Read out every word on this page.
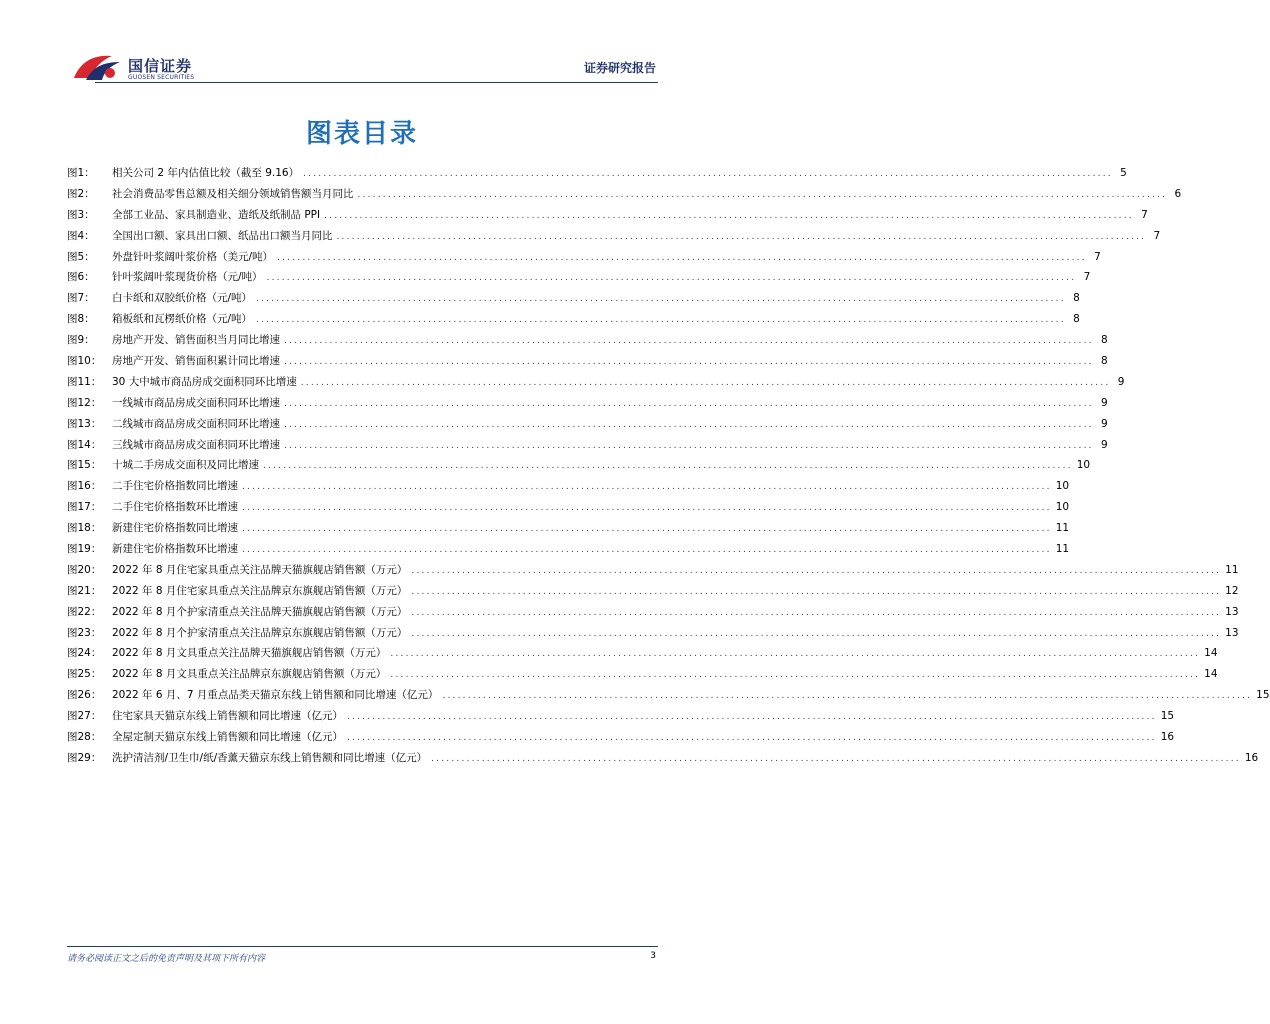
国信证券
GUOSEN SECURITIES
证券研究报告
图表目录
图1：	相关公司 2 年内估值比较（截至 9.16） ................................................................................................................................................................ 5
图2：	社会消费品零售总额及相关细分领域销售额当月同比 ................................................................................................................................................................ 6
图3：	全部工业品、家具制造业、造纸及纸制品 PPI ................................................................................................................................................................ 7
图4：	全国出口额、家具出口额、纸品出口额当月同比 ................................................................................................................................................................ 7
图5：	外盘针叶浆阔叶浆价格（美元/吨） ................................................................................................................................................................ 7
图6：	针叶浆阔叶浆现货价格（元/吨） ................................................................................................................................................................ 7
图7：	白卡纸和双胶纸价格（元/吨） ................................................................................................................................................................ 8
图8：	箱板纸和瓦楞纸价格（元/吨） ................................................................................................................................................................ 8
图9：	房地产开发、销售面积当月同比增速 ................................................................................................................................................................ 8
图10：	房地产开发、销售面积累计同比增速 ................................................................................................................................................................ 8
图11：	30 大中城市商品房成交面积同环比增速 ................................................................................................................................................................ 9
图12：	一线城市商品房成交面积同环比增速 ................................................................................................................................................................ 9
图13：	二线城市商品房成交面积同环比增速 ................................................................................................................................................................ 9
图14：	三线城市商品房成交面积同环比增速 ................................................................................................................................................................ 9
图15：	十城二手房成交面积及同比增速 ................................................................................................................................................................ 10
图16：	二手住宅价格指数同比增速 ................................................................................................................................................................ 10
图17：	二手住宅价格指数环比增速 ................................................................................................................................................................ 10
图18：	新建住宅价格指数同比增速 ................................................................................................................................................................ 11
图19：	新建住宅价格指数环比增速 ................................................................................................................................................................ 11
图20：	2022 年 8 月住宅家具重点关注品牌天猫旗舰店销售额（万元） ................................................................................................................................................................ 11
图21：	2022 年 8 月住宅家具重点关注品牌京东旗舰店销售额（万元） ................................................................................................................................................................ 12
图22：	2022 年 8 月个护家清重点关注品牌天猫旗舰店销售额（万元） ................................................................................................................................................................ 13
图23：	2022 年 8 月个护家清重点关注品牌京东旗舰店销售额（万元） ................................................................................................................................................................ 13
图24：	2022 年 8 月文具重点关注品牌天猫旗舰店销售额（万元） ................................................................................................................................................................ 14
图25：	2022 年 8 月文具重点关注品牌京东旗舰店销售额（万元） ................................................................................................................................................................ 14
图26：	2022 年 6 月、7 月重点品类天猫京东线上销售额和同比增速（亿元） ................................................................................................................................................................ 15
图27：	住宅家具天猫京东线上销售额和同比增速（亿元） ................................................................................................................................................................ 15
图28：	全屋定制天猫京东线上销售额和同比增速（亿元） ................................................................................................................................................................ 16
图29：	洗护清洁剂/卫生巾/纸/香薰天猫京东线上销售额和同比增速（亿元） ................................................................................................................................................................ 16
请务必阅读正文之后的免责声明及其项下所有内容	3
